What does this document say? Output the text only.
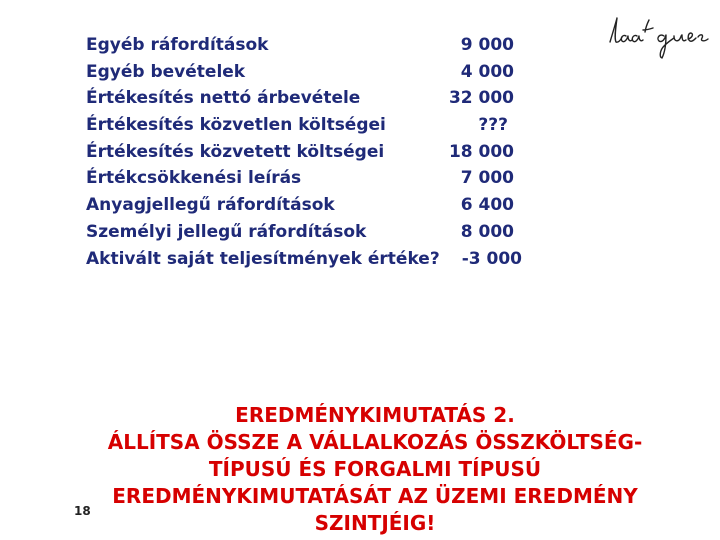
Egyéb ráfordítások	9 000
Egyéb bevételek	4 000
Értékesítés nettó árbevétele	32 000
Értékesítés közvetlen költségei	???
Értékesítés közvetett költségei	18 000
Értékcsökkenési leírás	7 000
Anyagjellegű ráfordítások	6 400
Személyi jellegű ráfordítások	8 000
Aktivált saját teljesítmények értéke? -3 000
EREDMÉNYKIMUTATÁS 2.
ÁLLÍTSA ÖSSZE A VÁLLALKOZÁS ÖSSZKÖLTSÉG-
TÍPUSÚ ÉS FORGALMI TÍPUSÚ
EREDMÉNYKIMUTATÁSÁT AZ ÜZEMI EREDMÉNY
SZINTJÉIG!
18
